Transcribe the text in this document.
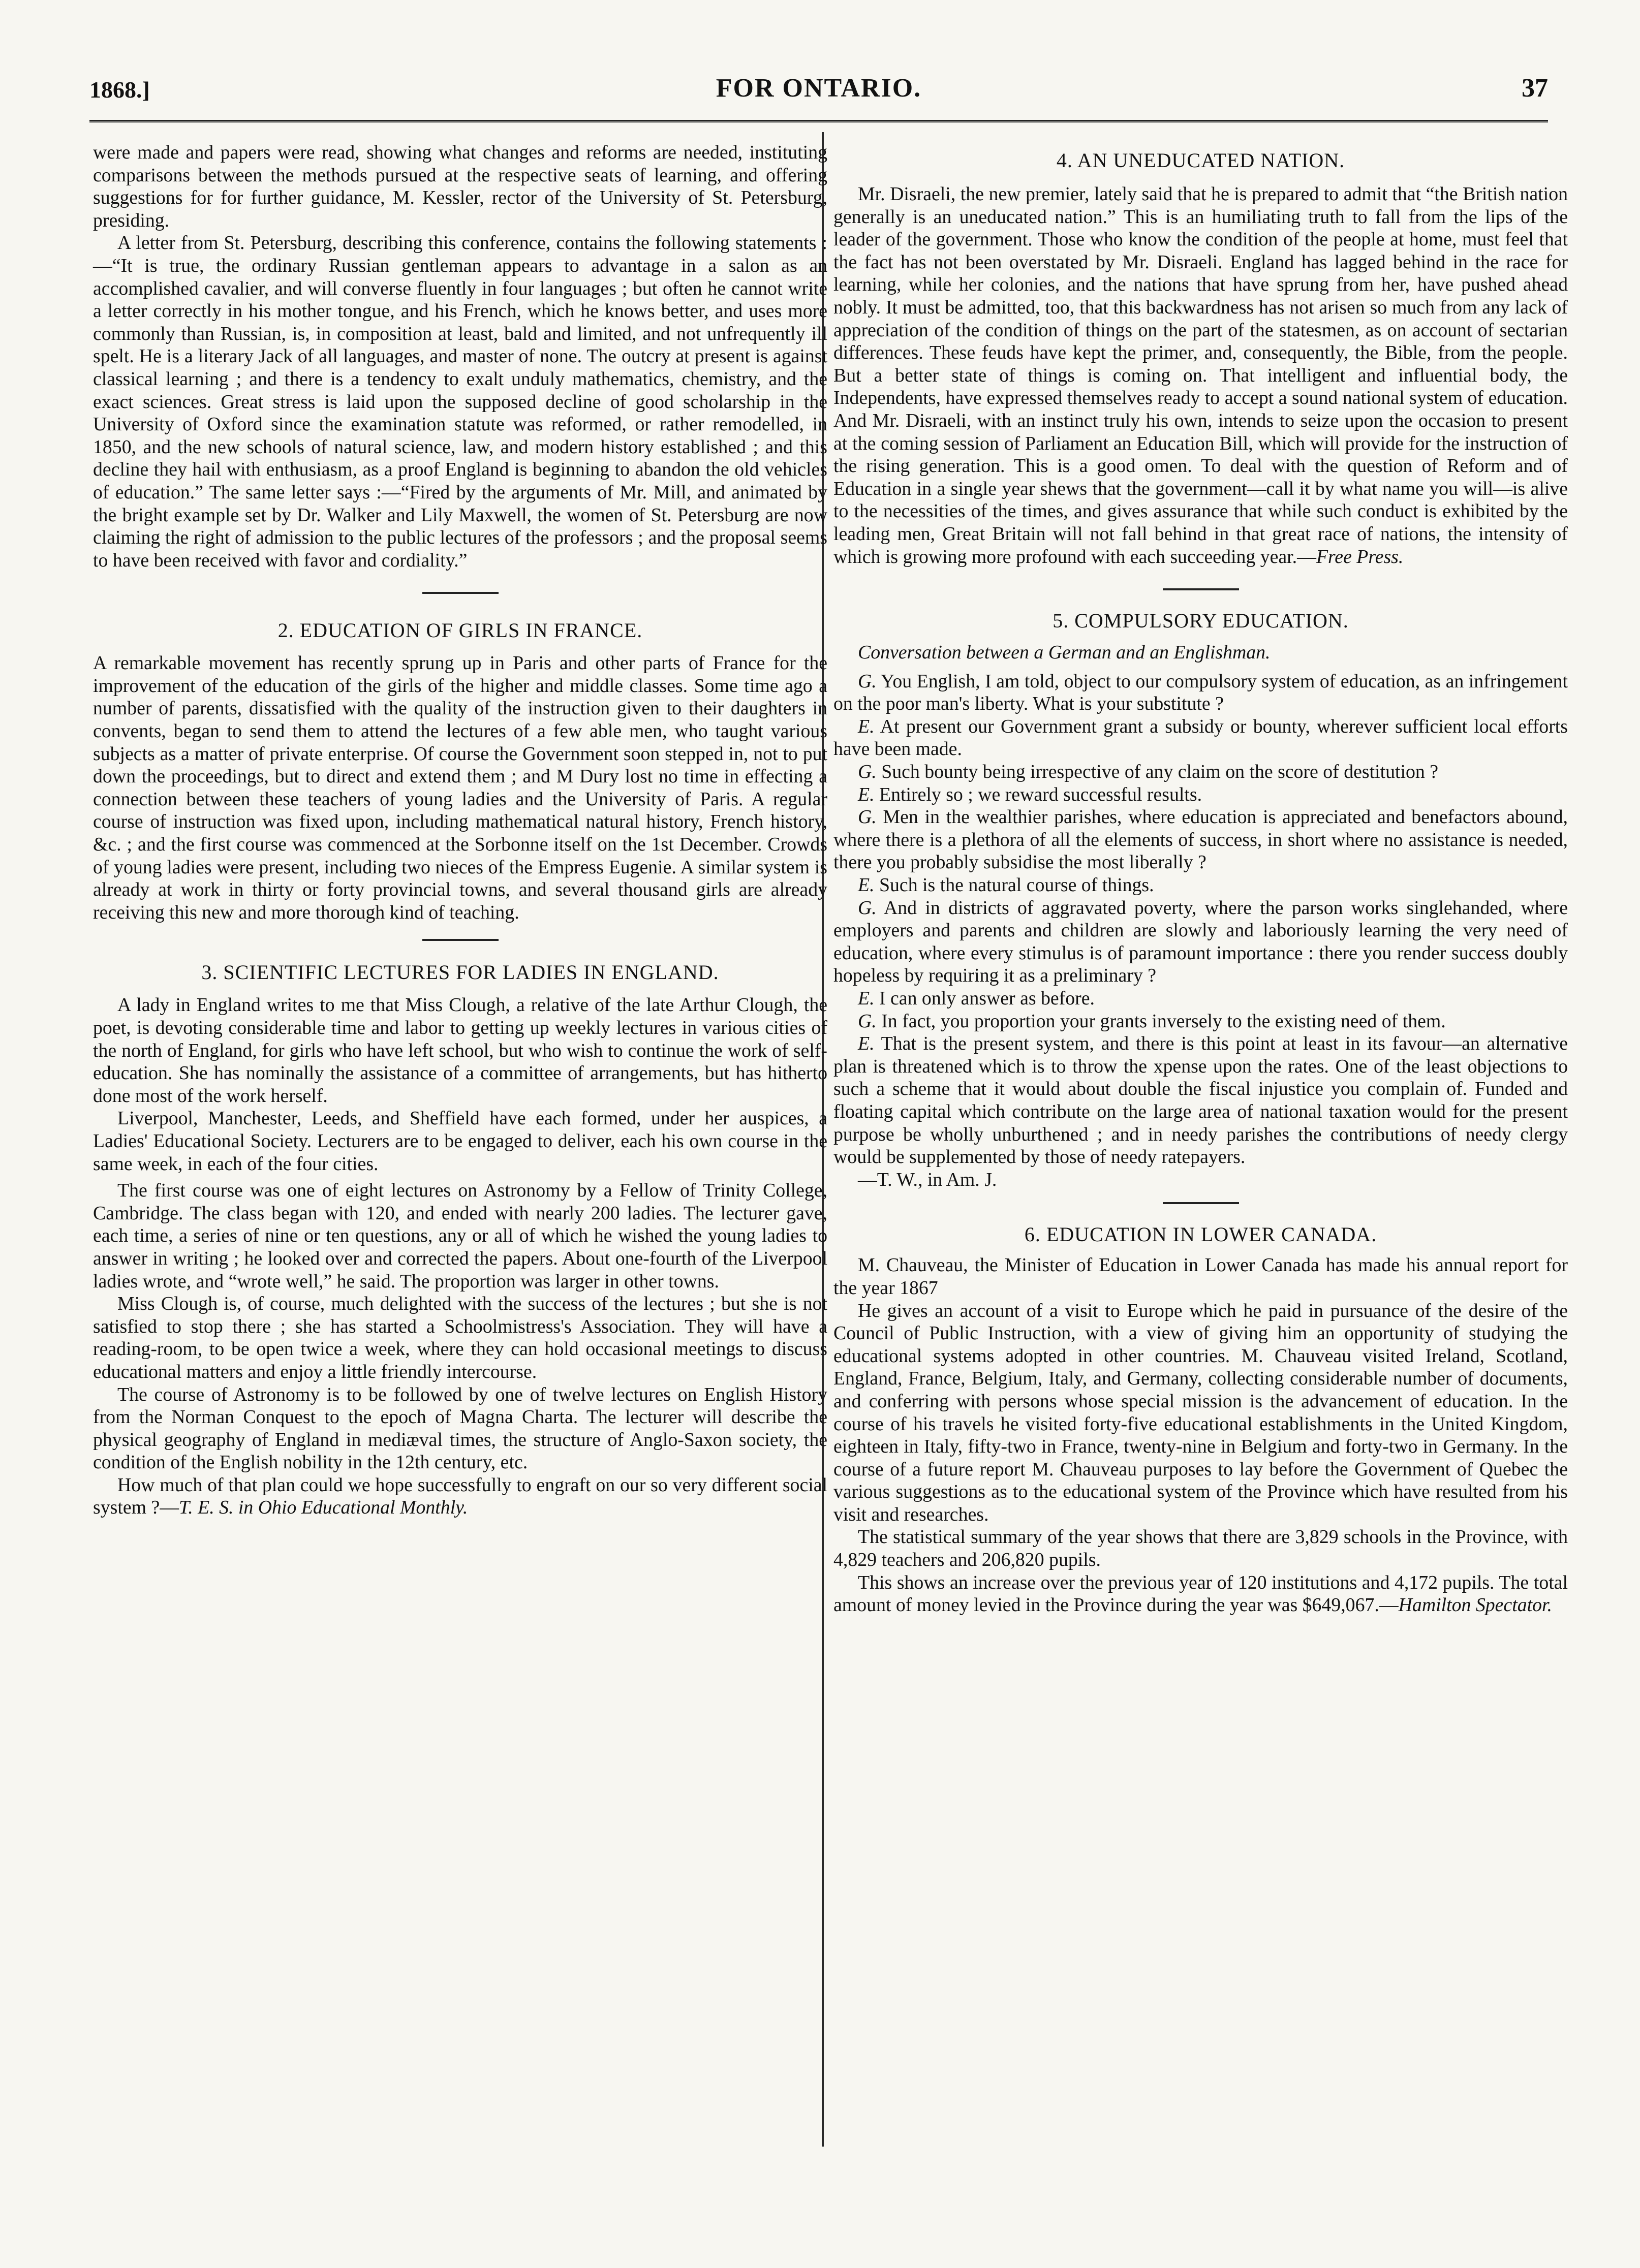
1868.]	FOR ONTARIO.	37

were made and papers were read, showing what changes and reforms are needed, instituting comparisons between the methods pursued at the respective seats of learning, and offering suggestions for for further guidance, M. Kessler, rector of the University of St. Petersburg, presiding.

A letter from St. Petersburg, describing this conference, contains the following statements :—“It is true, the ordinary Russian gentleman appears to advantage in a salon as an accomplished cavalier, and will converse fluently in four languages ; but often he cannot write a letter correctly in his mother tongue, and his French, which he knows better, and uses more commonly than Russian, is, in composition at least, bald and limited, and not unfrequently ill spelt. He is a literary Jack of all languages, and master of none. The outcry at present is against classical learning ; and there is a tendency to exalt unduly mathematics, chemistry, and the exact sciences. Great stress is laid upon the supposed decline of good scholarship in the University of Oxford since the examination statute was reformed, or rather remodelled, in 1850, and the new schools of natural science, law, and modern history established ; and this decline they hail with enthusiasm, as a proof England is beginning to abandon the old vehicles of education.” The same letter says :—“Fired by the arguments of Mr. Mill, and animated by the bright example set by Dr. Walker and Lily Maxwell, the women of St. Petersburg are now claiming the right of admission to the public lectures of the professors ; and the proposal seems to have been received with favor and cordiality.”

2. EDUCATION OF GIRLS IN FRANCE.

A remarkable movement has recently sprung up in Paris and other parts of France for the improvement of the education of the girls of the higher and middle classes. Some time ago a number of parents, dissatisfied with the quality of the instruction given to their daughters in convents, began to send them to attend the lectures of a few able men, who taught various subjects as a matter of private enterprise. Of course the Government soon stepped in, not to put down the proceedings, but to direct and extend them ; and M Dury lost no time in effecting a connection between these teachers of young ladies and the University of Paris. A regular course of instruction was fixed upon, including mathematical natural history, French history, &c. ; and the first course was commenced at the Sorbonne itself on the 1st December. Crowds of young ladies were present, including two nieces of the Empress Eugenie. A similar system is already at work in thirty or forty provincial towns, and several thousand girls are already receiving this new and more thorough kind of teaching.

3. SCIENTIFIC LECTURES FOR LADIES IN ENGLAND.

A lady in England writes to me that Miss Clough, a relative of the late Arthur Clough, the poet, is devoting considerable time and labor to getting up weekly lectures in various cities of the north of England, for girls who have left school, but who wish to continue the work of self-education. She has nominally the assistance of a committee of arrangements, but has hitherto done most of the work herself.

Liverpool, Manchester, Leeds, and Sheffield have each formed, under her auspices, a Ladies' Educational Society. Lecturers are to be engaged to deliver, each his own course in the same week, in each of the four cities.

The first course was one of eight lectures on Astronomy by a Fellow of Trinity College, Cambridge. The class began with 120, and ended with nearly 200 ladies. The lecturer gave, each time, a series of nine or ten questions, any or all of which he wished the young ladies to answer in writing ; he looked over and corrected the papers. About one-fourth of the Liverpool ladies wrote, and “wrote well,” he said. The proportion was larger in other towns.

Miss Clough is, of course, much delighted with the success of the lectures ; but she is not satisfied to stop there ; she has started a Schoolmistress's Association. They will have a reading-room, to be open twice a week, where they can hold occasional meetings to discuss educational matters and enjoy a little friendly intercourse.

The course of Astronomy is to be followed by one of twelve lectures on English History from the Norman Conquest to the epoch of Magna Charta. The lecturer will describe the physical geography of England in mediæval times, the structure of Anglo-Saxon society, the condition of the English nobility in the 12th century, etc.

How much of that plan could we hope successfully to engraft on our so very different social system ?—T. E. S. in Ohio Educational Monthly.

4. AN UNEDUCATED NATION.

Mr. Disraeli, the new premier, lately said that he is prepared to admit that “the British nation generally is an uneducated nation.” This is an humiliating truth to fall from the lips of the leader of the government. Those who know the condition of the people at home, must feel that the fact has not been overstated by Mr. Disraeli. England has lagged behind in the race for learning, while her colonies, and the nations that have sprung from her, have pushed ahead nobly. It must be admitted, too, that this backwardness has not arisen so much from any lack of appreciation of the condition of things on the part of the statesmen, as on account of sectarian differences. These feuds have kept the primer, and, consequently, the Bible, from the people. But a better state of things is coming on. That intelligent and influential body, the Independents, have expressed themselves ready to accept a sound national system of education. And Mr. Disraeli, with an instinct truly his own, intends to seize upon the occasion to present at the coming session of Parliament an Education Bill, which will provide for the instruction of the rising generation. This is a good omen. To deal with the question of Reform and of Education in a single year shews that the government—call it by what name you will—is alive to the necessities of the times, and gives assurance that while such conduct is exhibited by the leading men, Great Britain will not fall behind in that great race of nations, the intensity of which is growing more profound with each succeeding year.—Free Press.

5. COMPULSORY EDUCATION.

Conversation between a German and an Englishman.

G. You English, I am told, object to our compulsory system of education, as an infringement on the poor man's liberty. What is your substitute ?

E. At present our Government grant a subsidy or bounty, wherever sufficient local efforts have been made.

G. Such bounty being irrespective of any claim on the score of destitution ?

E. Entirely so ; we reward successful results.

G. Men in the wealthier parishes, where education is appreciated and benefactors abound, where there is a plethora of all the elements of success, in short where no assistance is needed, there you probably subsidise the most liberally ?

E. Such is the natural course of things.

G. And in districts of aggravated poverty, where the parson works singlehanded, where employers and parents and children are slowly and laboriously learning the very need of education, where every stimulus is of paramount importance : there you render success doubly hopeless by requiring it as a preliminary ?

E. I can only answer as before.

G. In fact, you proportion your grants inversely to the existing need of them.

E. That is the present system, and there is this point at least in its favour—an alternative plan is threatened which is to throw the xpense upon the rates. One of the least objections to such a scheme that it would about double the fiscal injustice you complain of. Funded and floating capital which contribute on the large area of national taxation would for the present purpose be wholly unburthened ; and in needy parishes the contributions of needy clergy would be supplemented by those of needy ratepayers.

—T. W., in Am. J.

6. EDUCATION IN LOWER CANADA.

M. Chauveau, the Minister of Education in Lower Canada has made his annual report for the year 1867

He gives an account of a visit to Europe which he paid in pursuance of the desire of the Council of Public Instruction, with a view of giving him an opportunity of studying the educational systems adopted in other countries. M. Chauveau visited Ireland, Scotland, England, France, Belgium, Italy, and Germany, collecting considerable number of documents, and conferring with persons whose special mission is the advancement of education. In the course of his travels he visited forty-five educational establishments in the United Kingdom, eighteen in Italy, fifty-two in France, twenty-nine in Belgium and forty-two in Germany. In the course of a future report M. Chauveau purposes to lay before the Government of Quebec the various suggestions as to the educational system of the Province which have resulted from his visit and researches.

The statistical summary of the year shows that there are 3,829 schools in the Province, with 4,829 teachers and 206,820 pupils.

This shows an increase over the previous year of 120 institutions and 4,172 pupils. The total amount of money levied in the Province during the year was $649,067.—Hamilton Spectator.
